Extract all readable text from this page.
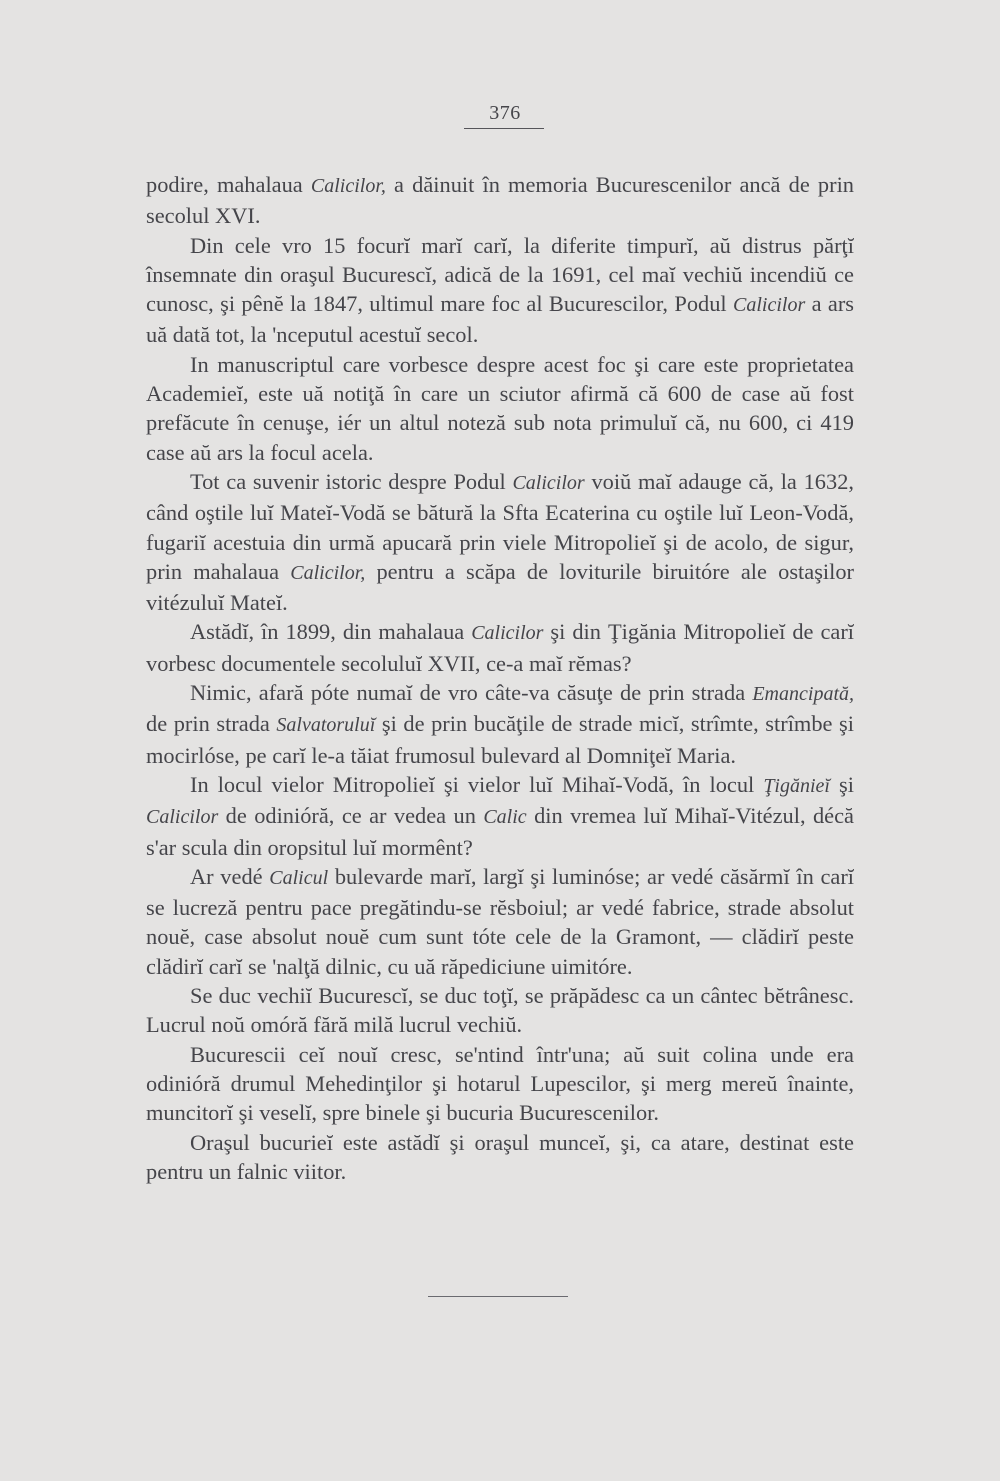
376

podire, mahalaua Calicilor, a dăinuit în memoria Bucurescenilor ancă de prin secolul XVI.

Din cele vro 15 focurĭ marĭ carĭ, la diferite timpurĭ, aŭ distrus părţĭ însemnate din oraşul Bucurescĭ, adică de la 1691, cel maĭ vechiŭ incendiŭ ce cunosc, şi pênĕ la 1847, ultimul mare foc al Bucurescilor, Podul Calicilor a ars uă dată tot, la 'nceputul acestuĭ secol.

In manuscriptul care vorbesce despre acest foc şi care este proprietatea Academieĭ, este uă notiţă în care un sciutor afirmă că 600 de case aŭ fost prefăcute în cenuşe, iér un altul noteză sub nota primuluĭ că, nu 600, ci 419 case aŭ ars la focul acela.

Tot ca suvenir istoric despre Podul Calicilor voiŭ maĭ adauge că, la 1632, când oştile luĭ Mateĭ-Vodă se bătură la Sfta Ecaterina cu oştile luĭ Leon-Vodă, fugariĭ acestuia din urmă apucară prin viele Mitropolieĭ şi de acolo, de sigur, prin mahalaua Calicilor, pentru a scăpa de loviturile biruitóre ale ostaşilor vitézuluĭ Mateĭ.

Astădĭ, în 1899, din mahalaua Calicilor şi din Ţigănia Mitropolieĭ de carĭ vorbesc documentele secoluluĭ XVII, ce-a maĭ rĕmas?

Nimic, afară póte numaĭ de vro câte-va căsuţe de prin strada Emancipată, de prin strada Salvatoruluĭ şi de prin bucăţile de strade micĭ, strîmte, strîmbe şi mocirlóse, pe carĭ le-a tăiat frumosul bulevard al Domniţeĭ Maria.

In locul vielor Mitropolieĭ şi vielor luĭ Mihaĭ-Vodă, în locul Ţigănieĭ şi Calicilor de odinióră, ce ar vedea un Calic din vremea luĭ Mihaĭ-Vitézul, décă s'ar scula din oropsitul luĭ mormênt?

Ar vedé Calicul bulevarde marĭ, largĭ şi luminóse; ar vedé căsărmĭ în carĭ se lucreză pentru pace pregătindu-se rĕsboiul; ar vedé fabrice, strade absolut nouĕ, case absolut nouĕ cum sunt tóte cele de la Gramont, — clădirĭ peste clădirĭ carĭ se 'nalţă dilnic, cu uă răpediciune uimitóre.

Se duc vechiĭ Bucurescĭ, se duc toţĭ, se prăpădesc ca un cântec bĕtrânesc. Lucrul noŭ omóră fără milă lucrul vechiŭ.

Bucurescii ceĭ nouĭ cresc, se'ntind într'una; aŭ suit colina unde era odinióră drumul Mehedinţilor şi hotarul Lupescilor, şi merg mereŭ înainte, muncitorĭ şi veselĭ, spre binele şi bucuria Bucurescenilor.

Oraşul bucurieĭ este astădĭ şi oraşul munceĭ, şi, ca atare, destinat este pentru un falnic viitor.
